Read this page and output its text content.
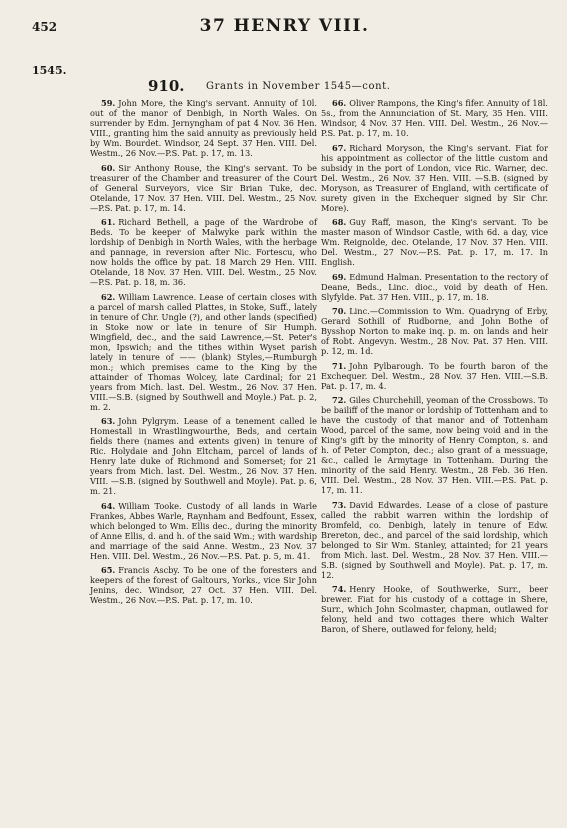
452	37 HENRY VIII.
1545.
910. Grants in November 1545—cont.

59. John More, the King's servant. Annuity of 10l. out of the manor of Denbigh, in North Wales. On surrender by Edm. Jernyngham of pat 4 Nov. 36 Hen. VIII., granting him the said annuity as previously held by Wm. Bourdet. Windsor, 24 Sept. 37 Hen. VIII. Del. Westm., 26 Nov.—P.S. Pat. p. 17, m. 13.

60. Sir Anthony Rouse, the King's servant. To be treasurer of the Chamber and treasurer of the Court of General Surveyors, vice Sir Brian Tuke, dec. Otelande, 17 Nov. 37 Hen. VIII. Del. Westm., 25 Nov.—P.S. Pat. p. 17, m. 14.

61. Richard Bethell, a page of the Wardrobe of Beds. To be keeper of Malwyke park within the lordship of Denbigh in North Wales, with the herbage and pannage, in reversion after Nic. Fortescu, who now holds the office by pat. 18 March 29 Hen. VIII. Otelande, 18 Nov. 37 Hen. VIII. Del. Westm., 25 Nov.—P.S. Pat. p. 18, m. 36.

62. William Lawrence. Lease of certain closes with a parcel of marsh called Plattes, in Stoke, Suff., lately in tenure of Chr. Ungle (?), and other lands (specified) in Stoke now or late in tenure of Sir Humph. Wingfield, dec., and the said Lawrence,—St. Peter's mon, Ipswich; and the tithes within Wyset parish lately in tenure of —— (blank) Styles,—Rumburgh mon.; which premises came to the King by the attainder of Thomas Wolcey, late Cardinal; for 21 years from Mich. last. Del. Westm., 26 Nov. 37 Hen. VIII.—S.B. (signed by Southwell and Moyle.) Pat. p. 2, m. 2.

63. John Pylgrym. Lease of a tenement called le Homestall in Wrastlingwourthe, Beds, and certain fields there (names and extents given) in tenure of Ric. Holydaie and John Eltcham, parcel of lands of Henry late duke of Richmond and Somerset; for 21 years from Mich. last. Del. Westm., 26 Nov. 37 Hen. VIII. —S.B. (signed by Southwell and Moyle). Pat. p. 6, m. 21.

64. William Tooke. Custody of all lands in Warle Frankes, Abbes Warle, Raynham and Bedfount, Essex, which belonged to Wm. Ellis dec., during the minority of Anne Ellis, d. and h. of the said Wm.; with wardship and marriage of the said Anne. Westm., 23 Nov. 37 Hen. VIII. Del. Westm., 26 Nov.—P.S. Pat. p. 5, m. 41.

65. Francis Ascby. To be one of the foresters and keepers of the forest of Galtours, Yorks., vice Sir John Jenins, dec. Windsor, 27 Oct. 37 Hen. VIII. Del. Westm., 26 Nov.—P.S. Pat. p. 17, m. 10.

66. Oliver Rampons, the King's fifer. Annuity of 18l. 5s., from the Annunciation of St. Mary, 35 Hen. VIII. Windsor, 4 Nov. 37 Hen. VIII. Del. Westm., 26 Nov.—P.S. Pat. p. 17, m. 10.

67. Richard Moryson, the King's servant. Fiat for his appointment as collector of the little custom and subsidy in the port of London, vice Ric. Warner, dec. Del. Westm., 26 Nov. 37 Hen. VIII. —S.B. (signed by Moryson, as Treasurer of England, with certificate of surety given in the Exchequer signed by Sir Chr. More).

68. Guy Raff, mason, the King's servant. To be master mason of Windsor Castle, with 6d. a day, vice Wm. Reignolde, dec. Otelande, 17 Nov. 37 Hen. VIII. Del. Westm., 27 Nov.—P.S. Pat. p. 17, m. 17. In English.

69. Edmund Halman. Presentation to the rectory of Deane, Beds., Linc. dioc., void by death of Hen. Slyfylde. Pat. 37 Hen. VIII., p. 17, m. 18.

70. Linc.—Commission to Wm. Quadryng of Erby, Gerard Sothill of Rudborne, and John Bothe of Bysshop Norton to make inq. p. m. on lands and heir of Robt. Angevyn. Westm., 28 Nov. Pat. 37 Hen. VIII. p. 12, m. 1d.

71. John Pylbarough. To be fourth baron of the Exchequer. Del. Westm., 28 Nov. 37 Hen. VIII.—S.B. Pat. p. 17, m. 4.

72. Giles Churchehill, yeoman of the Crossbows. To be bailiff of the manor or lordship of Tottenham and to have the custody of that manor and of Tottenham Wood, parcel of the same, now being void and in the King's gift by the minority of Henry Compton, s. and h. of Peter Compton, dec.; also grant of a messuage, &c., called le Armytage in Tottenham. During the minority of the said Henry. Westm., 28 Feb. 36 Hen. VIII. Del. Westm., 28 Nov. 37 Hen. VIII.—P.S. Pat. p. 17, m. 11.

73. David Edwardes. Lease of a close of pasture called the rabbit warren within the lordship of Bromfeld, co. Denbigh, lately in tenure of Edw. Brereton, dec., and parcel of the said lordship, which belonged to Sir Wm. Stanley, attainted; for 21 years from Mich. last. Del. Westm., 28 Nov. 37 Hen. VIII.—S.B. (signed by Southwell and Moyle). Pat. p. 17, m. 12.

74. Henry Hooke, of Southwerke, Surr., beer brewer. Fiat for his custody of a cottage in Shere, Surr., which John Scolmaster, chapman, outlawed for felony, held and two cottages there which Walter Baron, of Shere, outlawed for felony, held;
